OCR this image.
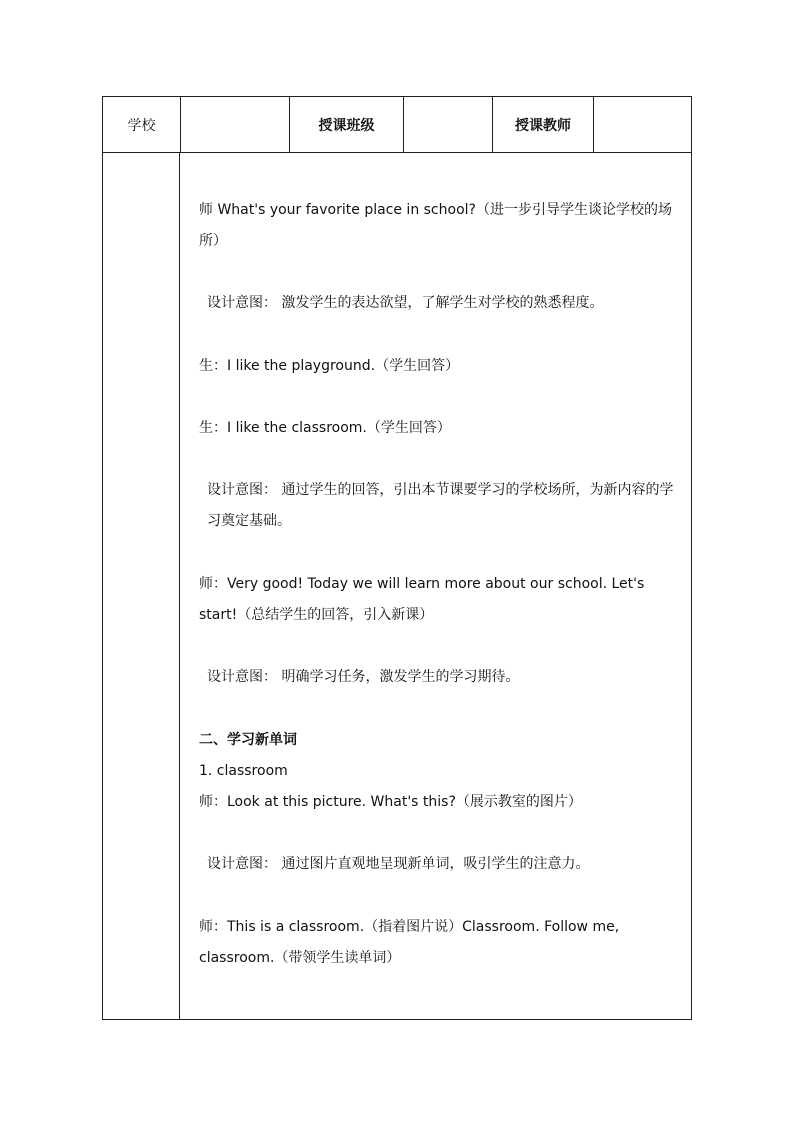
学校	授课班级	授课教师
师 What's your favorite place in school?（进一步引导学生谈论学校的场所）
设计意图： 激发学生的表达欲望，了解学生对学校的熟悉程度。
生：I like the playground.（学生回答）
生：I like the classroom.（学生回答）
设计意图： 通过学生的回答，引出本节课要学习的学校场所，为新内容的学习奠定基础。
师：Very good! Today we will learn more about our school. Let's start!（总结学生的回答，引入新课）
设计意图： 明确学习任务，激发学生的学习期待。
二、学习新单词
1. classroom
师：Look at this picture. What's this?（展示教室的图片）
设计意图： 通过图片直观地呈现新单词，吸引学生的注意力。
师：This is a classroom.（指着图片说）Classroom. Follow me, classroom.（带领学生读单词）
